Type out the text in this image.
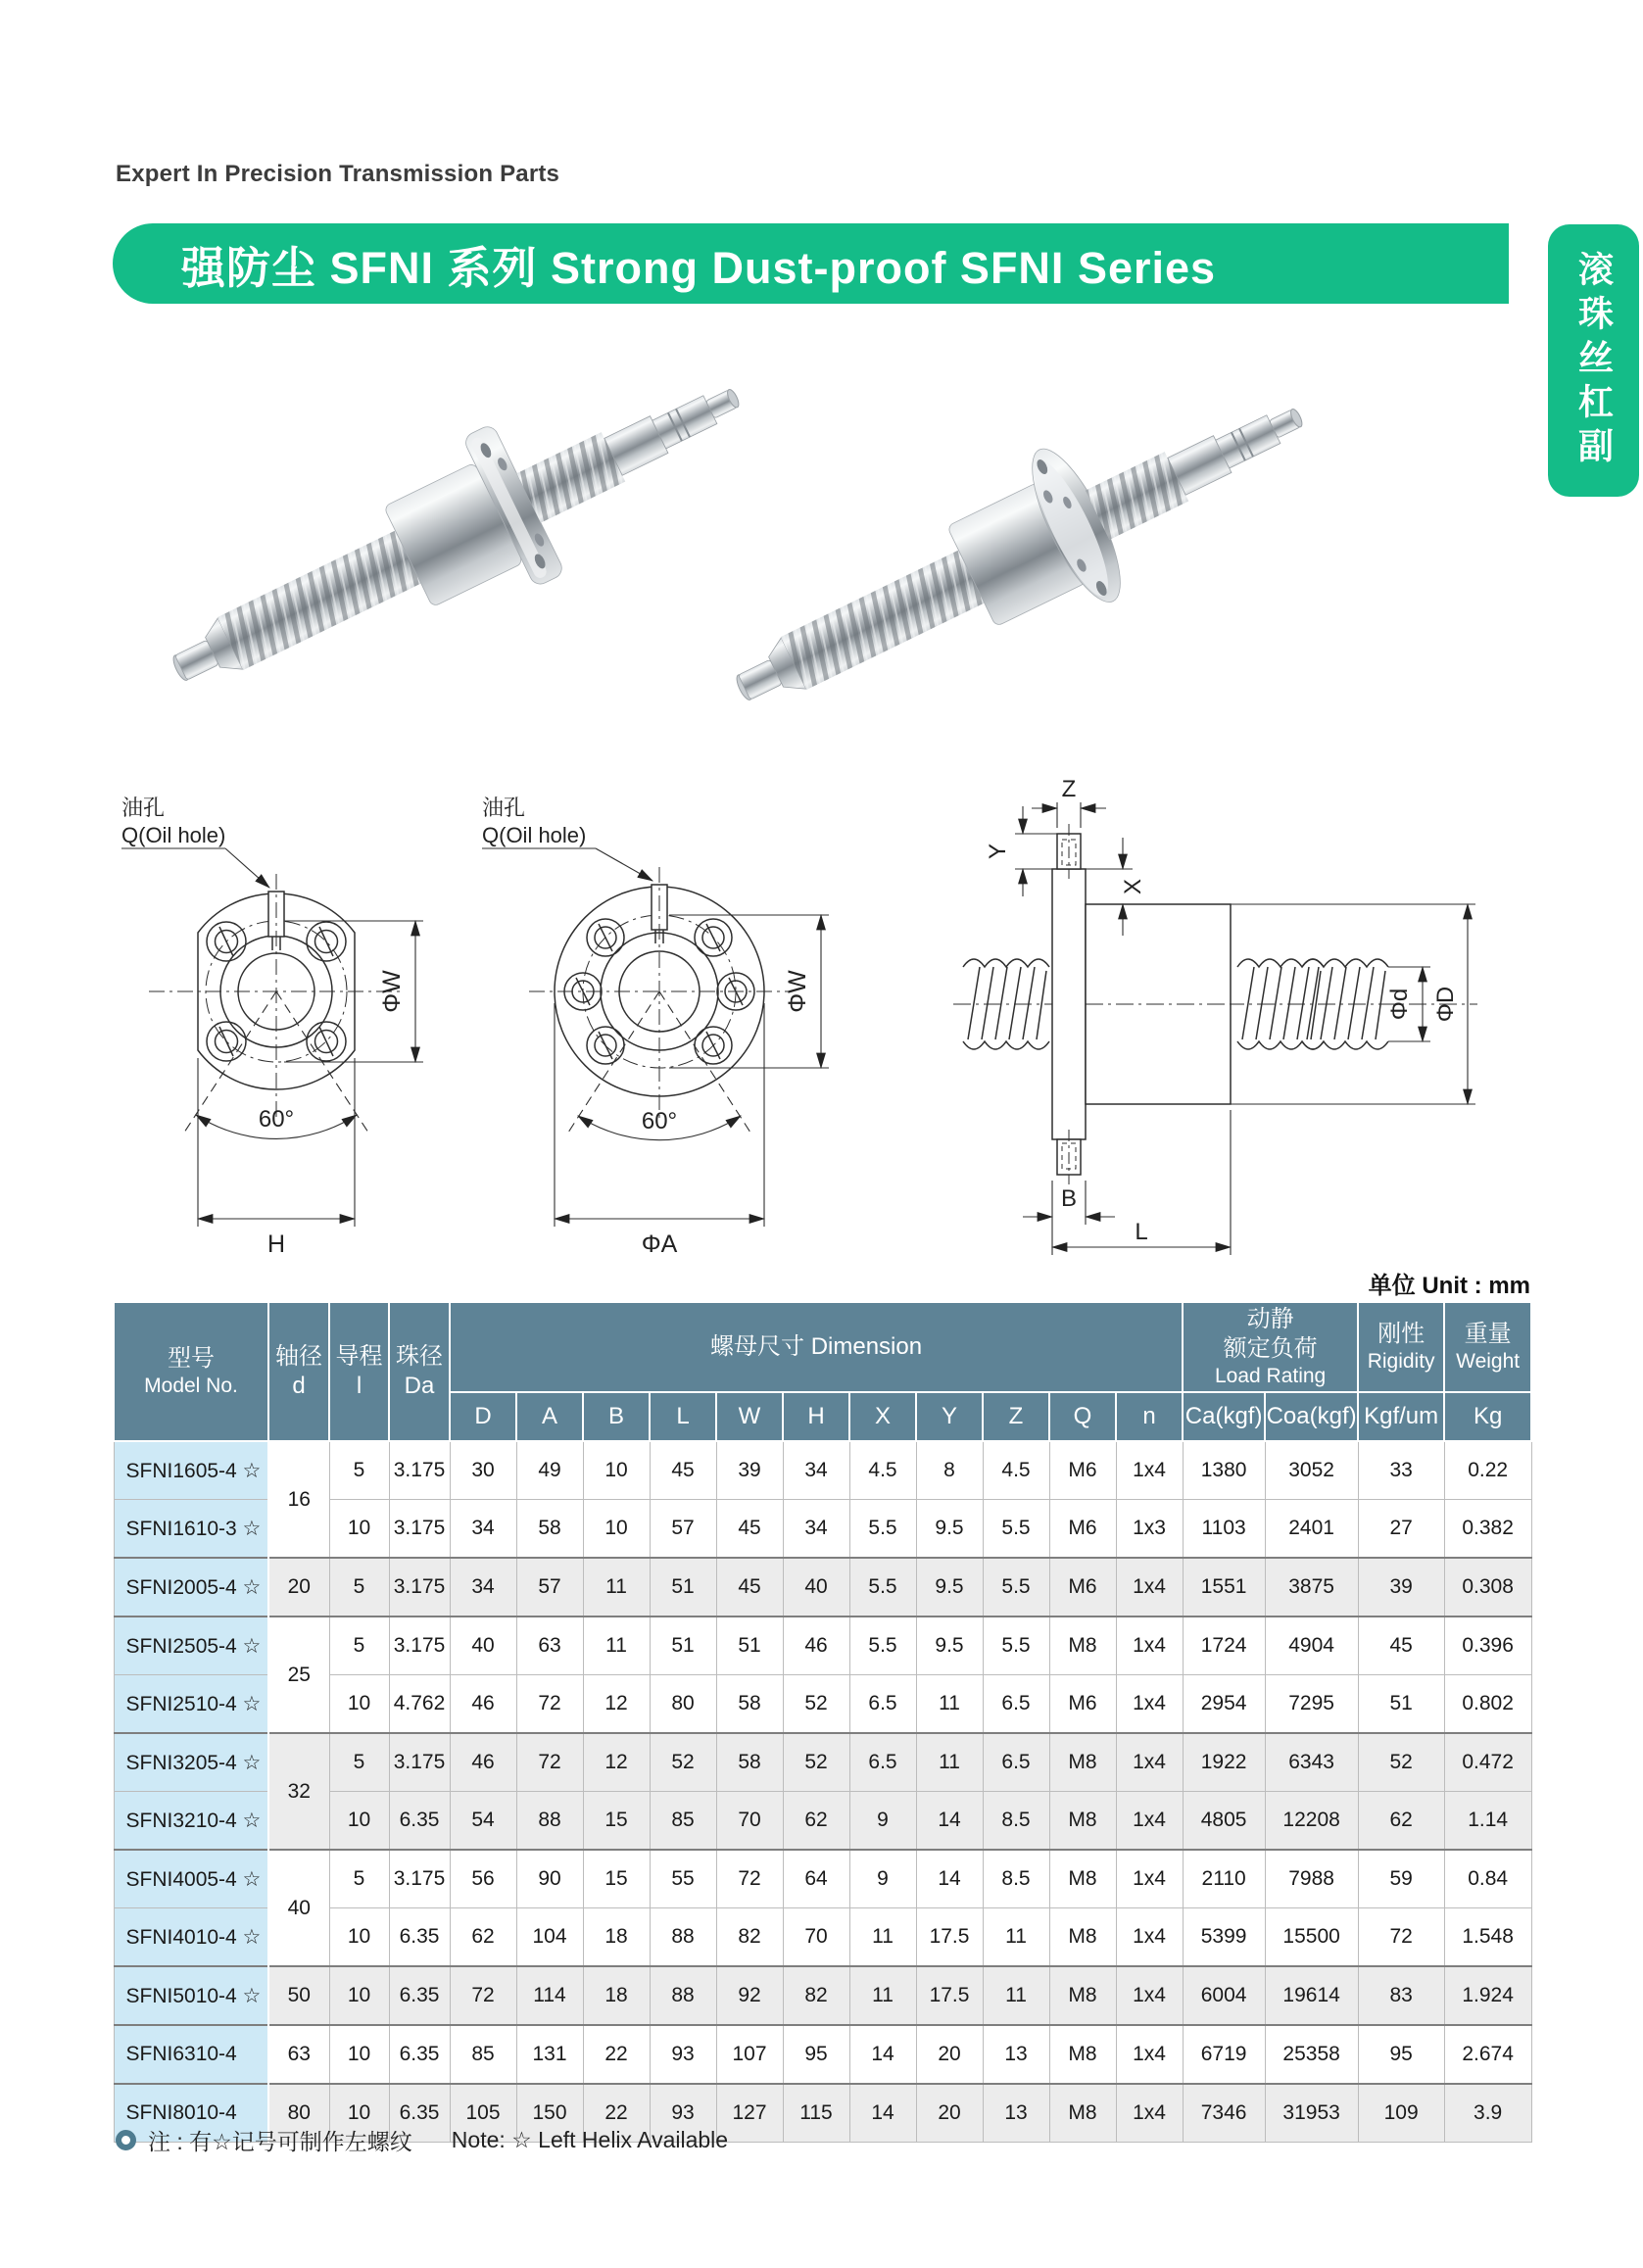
Expert In Precision Transmission Parts
强防尘 SFNI 系列 Strong Dust-proof SFNI Series	滚珠丝杠副
油孔
Q(Oil hole)
ΦW
60°
H
油孔
Q(Oil hole)
ΦW
60°
ΦA
Z
Y
X
B
L
Φd ΦD
单位 Unit : mm
型号
Model No.	轴径
d	导程
l	珠径
Da	螺母尺寸 Dimension											动静
额定负荷
Load Rating		刚性
Rigidity	重量
Weight

				D	A	B	L	W	H	X	Y	Z	Q	n	Ca(kgf)	Coa(kgf)	Kgf/um	Kg
SFNI1605-4 ☆	16	5	3.175	30	49	10	45	39	34	4.5	8	4.5	M6	1x4	1380	3052	33	0.22
SFNI1610-3 ☆		10	3.175	34	58	10	57	45	34	5.5	9.5	5.5	M6	1x3	1103	2401	27	0.382
SFNI2005-4 ☆	20	5	3.175	34	57	11	51	45	40	5.5	9.5	5.5	M6	1x4	1551	3875	39	0.308
SFNI2505-4 ☆	25	5	3.175	40	63	11	51	51	46	5.5	9.5	5.5	M8	1x4	1724	4904	45	0.396
SFNI2510-4 ☆		10	4.762	46	72	12	80	58	52	6.5	11	6.5	M6	1x4	2954	7295	51	0.802
SFNI3205-4 ☆	32	5	3.175	46	72	12	52	58	52	6.5	11	6.5	M8	1x4	1922	6343	52	0.472
SFNI3210-4 ☆		10	6.35	54	88	15	85	70	62	9	14	8.5	M8	1x4	4805	12208	62	1.14
SFNI4005-4 ☆	40	5	3.175	56	90	15	55	72	64	9	14	8.5	M8	1x4	2110	7988	59	0.84
SFNI4010-4 ☆		10	6.35	62	104	18	88	82	70	11	17.5	11	M8	1x4	5399	15500	72	1.548
SFNI5010-4 ☆	50	10	6.35	72	114	18	88	92	82	11	17.5	11	M8	1x4	6004	19614	83	1.924
SFNI6310-4	63	10	6.35	85	131	22	93	107	95	14	20	13	M8	1x4	6719	25358	95	2.674
SFNI8010-4	80	10	6.35	105	150	22	93	127	115	14	20	13	M8	1x4	7346	31953	109	3.9
注 : 有☆记号可制作左螺纹 Note: ☆ Left Helix Available
